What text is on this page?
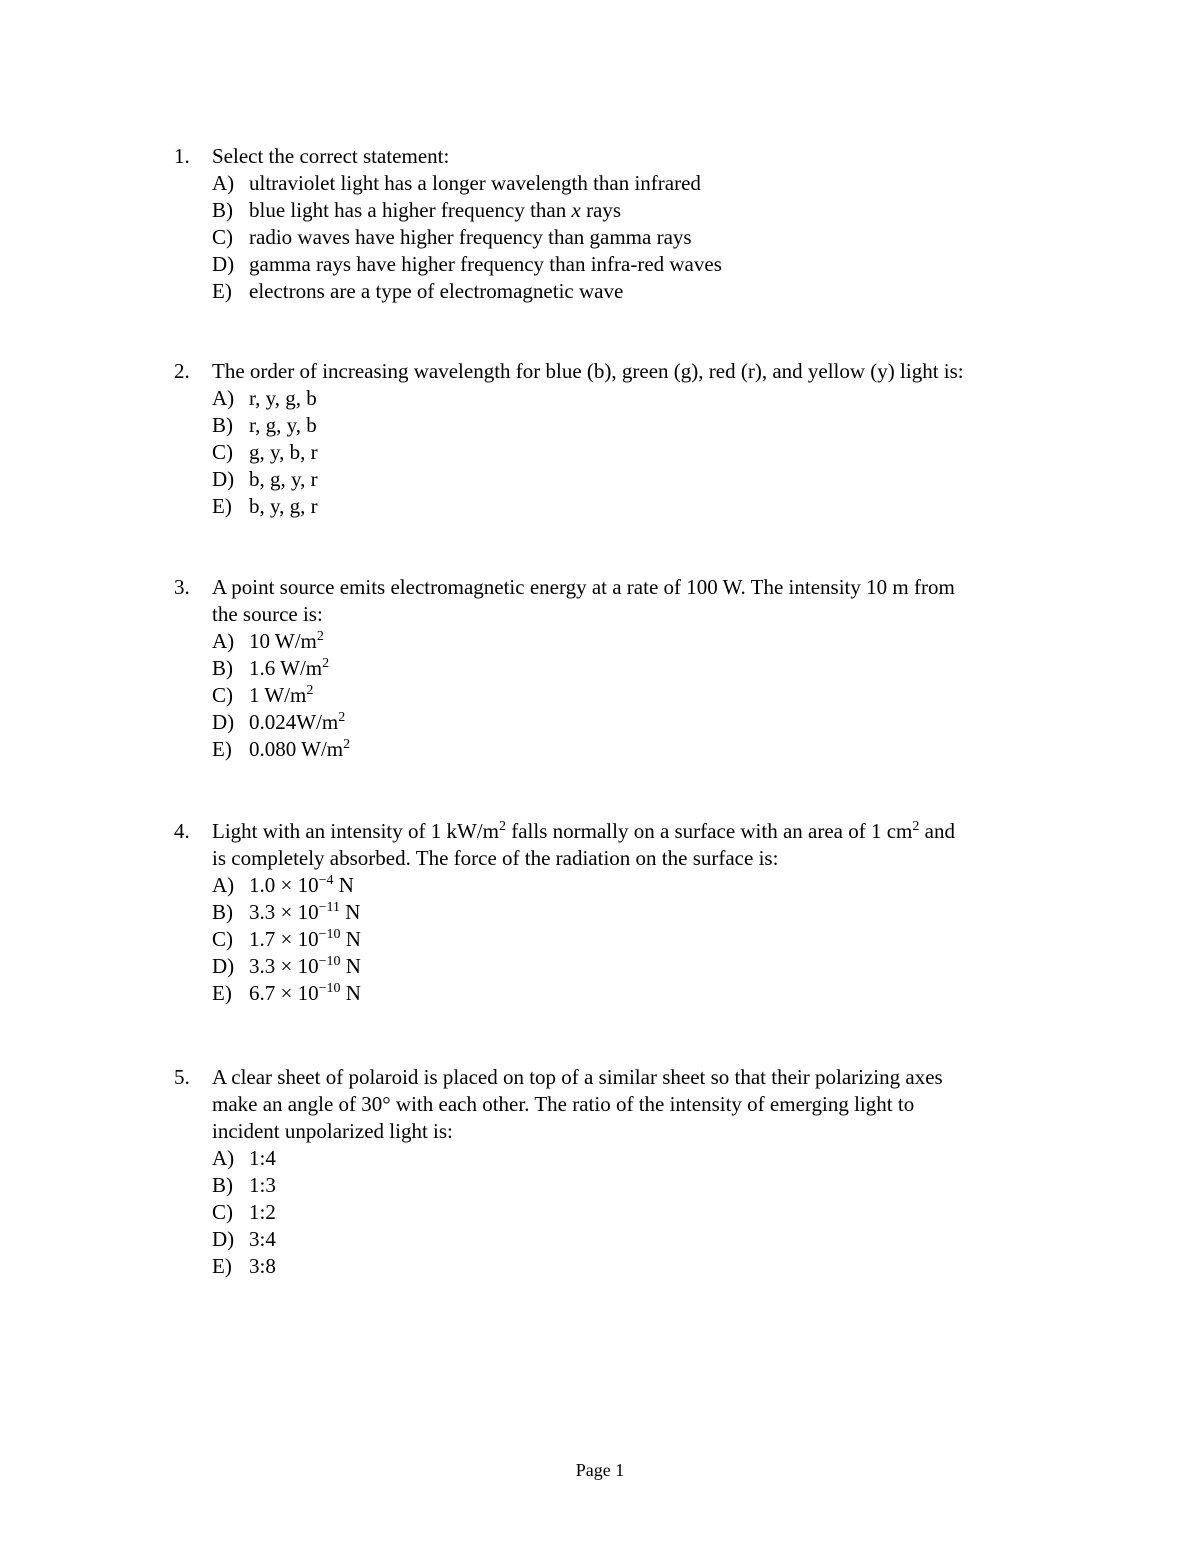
1.	Select the correct statement:
A) ultraviolet light has a longer wavelength than infrared
B) blue light has a higher frequency than x rays
C) radio waves have higher frequency than gamma rays
D) gamma rays have higher frequency than infra-red waves
E) electrons are a type of electromagnetic wave
2.	The order of increasing wavelength for blue (b), green (g), red (r), and yellow (y) light is:
A) r, y, g, b
B) r, g, y, b
C) g, y, b, r
D) b, g, y, r
E) b, y, g, r
3.	A point source emits electromagnetic energy at a rate of 100 W. The intensity 10 m from
the source is:
A) 10 $W/m^2$
B) 1.6 $W/m^2$
C) 1 $W/m^2$
D) $0.024W/m^2$
E) 0.080 $W/m^2$
4.	Light with an intensity of 1 $kW/m^2$ falls normally on a surface with an area of 1 $cm^2$ and
is completely absorbed. The force of the radiation on the surface is:
A) $1.0 \times 10^{-4}$ N
B) $3.3 \times 10^{-11}$ N
C) $1.7 \times 10^{-10}$ N
D) $3.3 \times 10^{-10}$ N
E) $6.7 \times 10^{-10}$ N
5.	A clear sheet of polaroid is placed on top of a similar sheet so that their polarizing axes
make an angle of 30° with each other. The ratio of the intensity of emerging light to
incident unpolarized light is:
A) 1:4
B) 1:3
C) 1:2
D) 3:4
E) 3:8
Page 1
